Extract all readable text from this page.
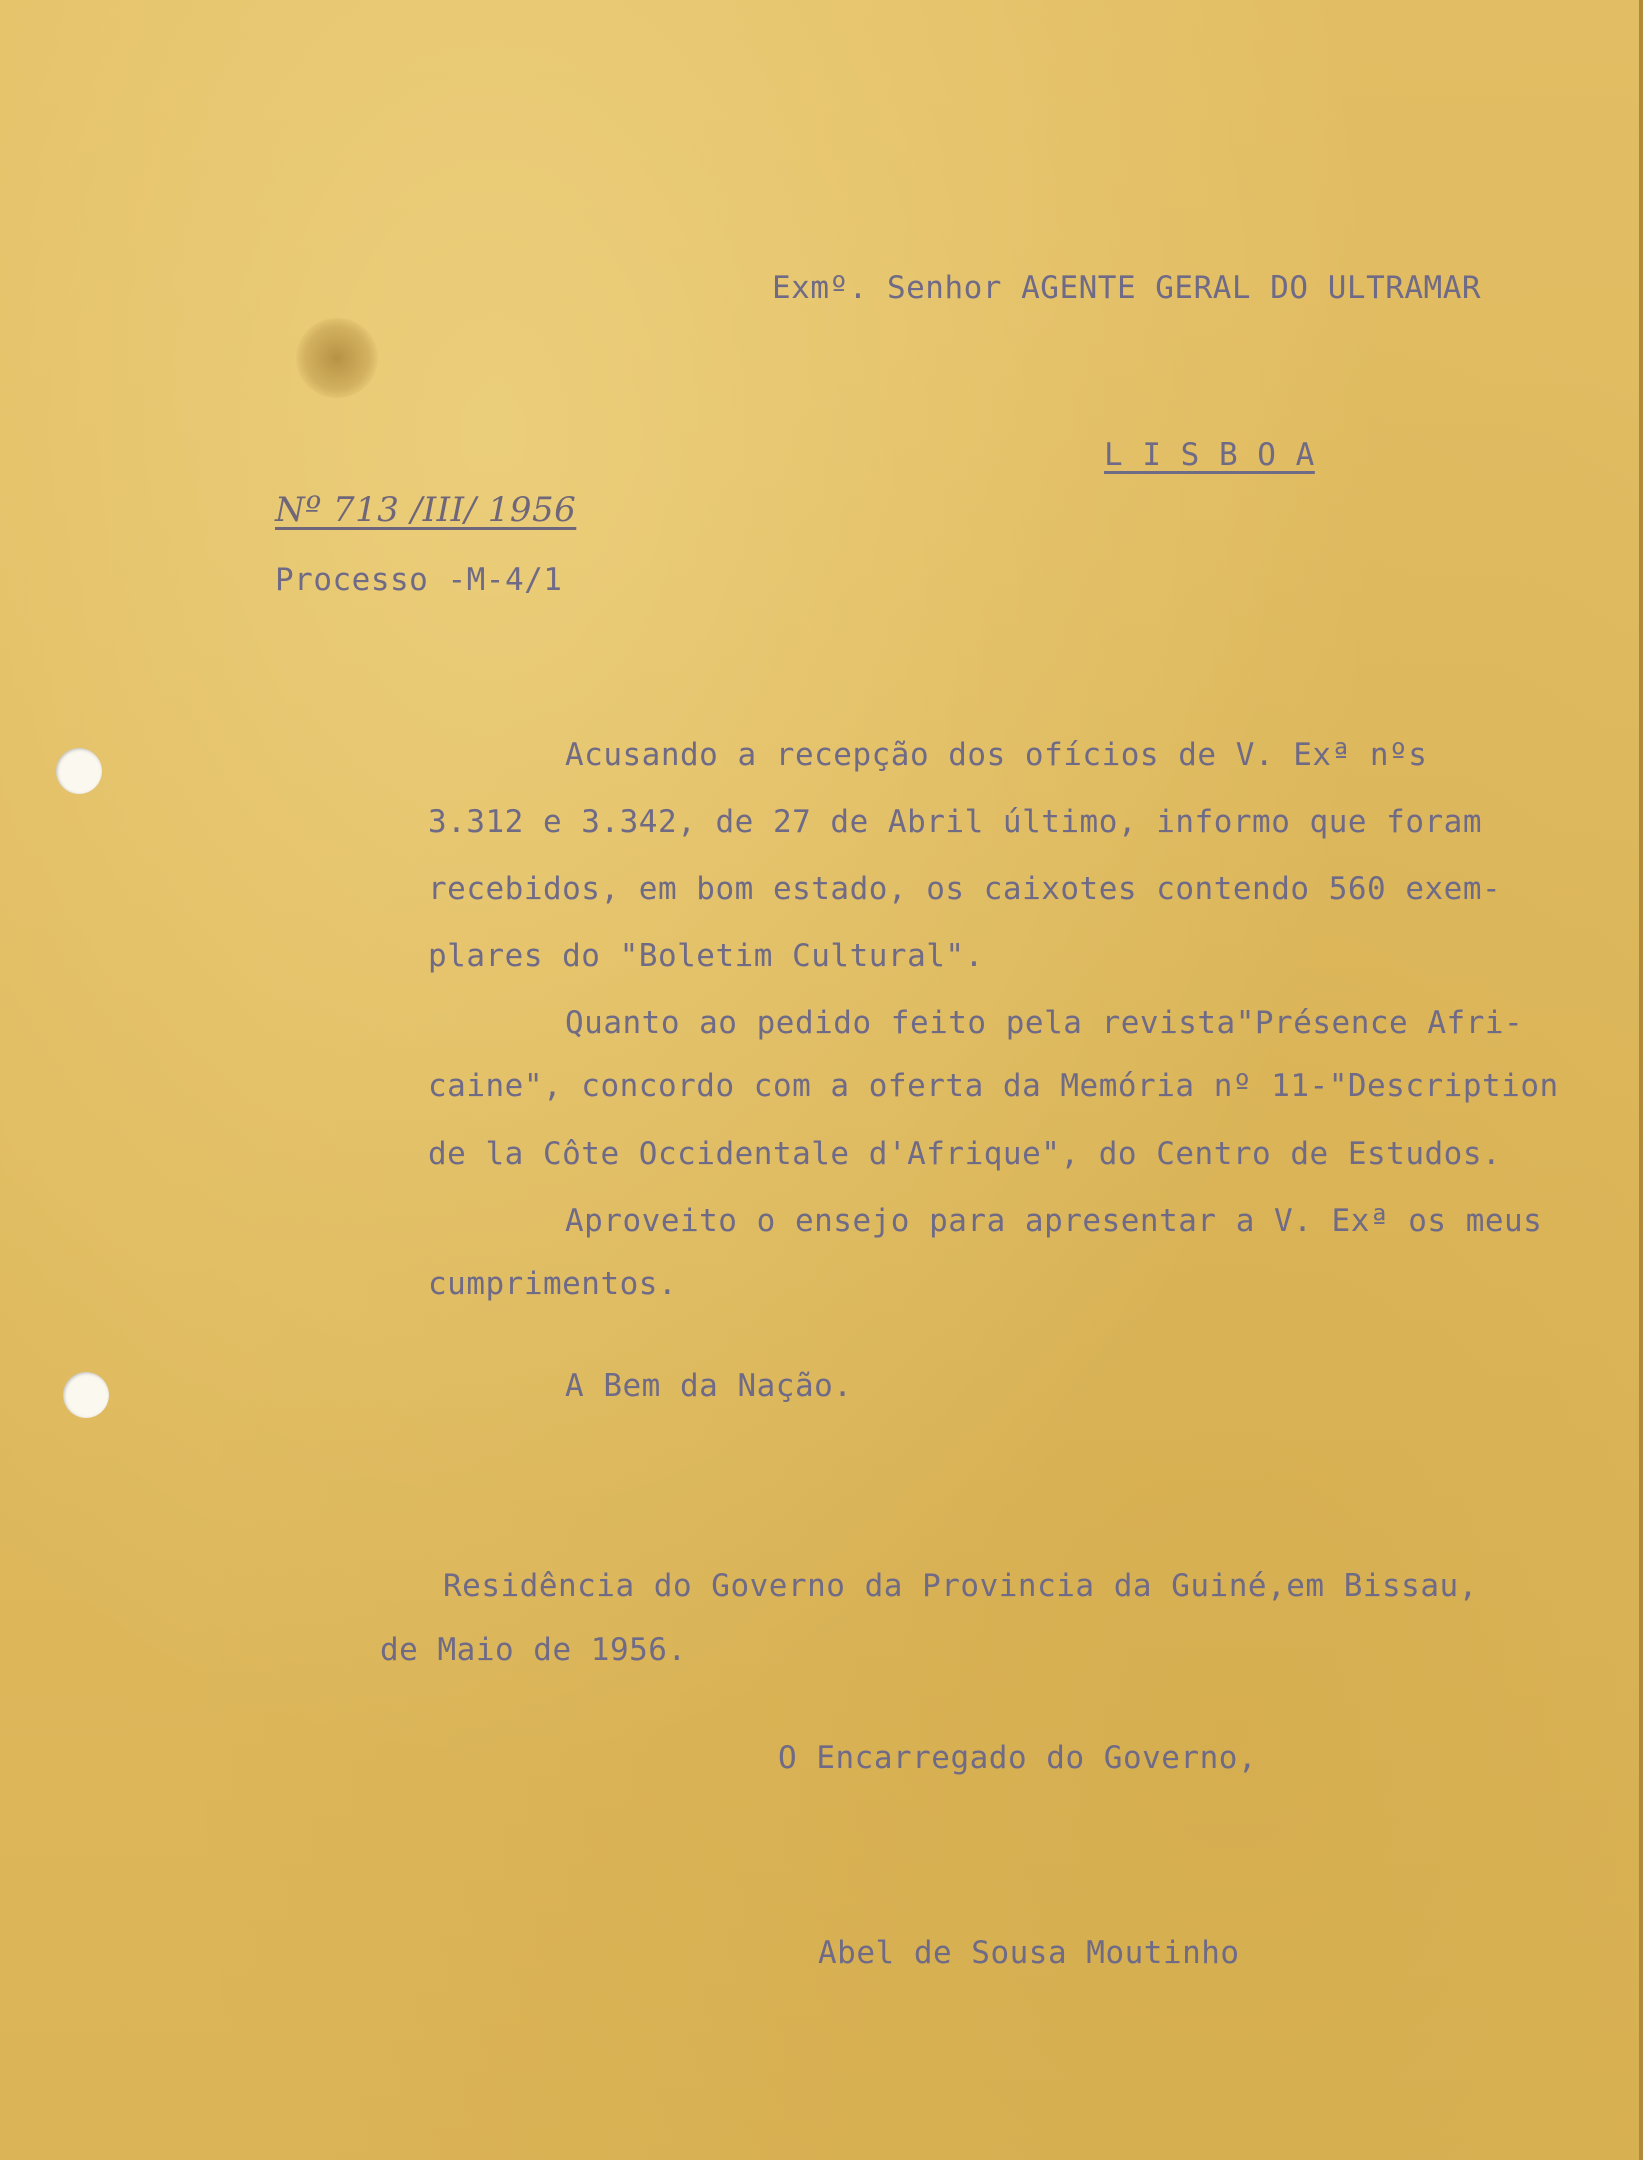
Exmº. Senhor AGENTE GERAL DO ULTRAMAR
L I S B O A
Nº 713 /III/ 1956
Processo -M-4/1
Acusando a recepção dos ofícios de V. Exª nºs
3.312 e 3.342, de 27 de Abril último, informo que foram
recebidos, em bom estado, os caixotes contendo 560 exem-
plares do "Boletim Cultural".
Quanto ao pedido feito pela revista"Présence Afri-
caine", concordo com a oferta da Memória nº 11-"Description
de la Côte Occidentale d'Afrique", do Centro de Estudos.
Aproveito o ensejo para apresentar a V. Exª os meus
cumprimentos.
A Bem da Nação.
Residência do Governo da Provincia da Guiné,em Bissau,
de Maio de 1956.
O Encarregado do Governo,
Abel de Sousa Moutinho
